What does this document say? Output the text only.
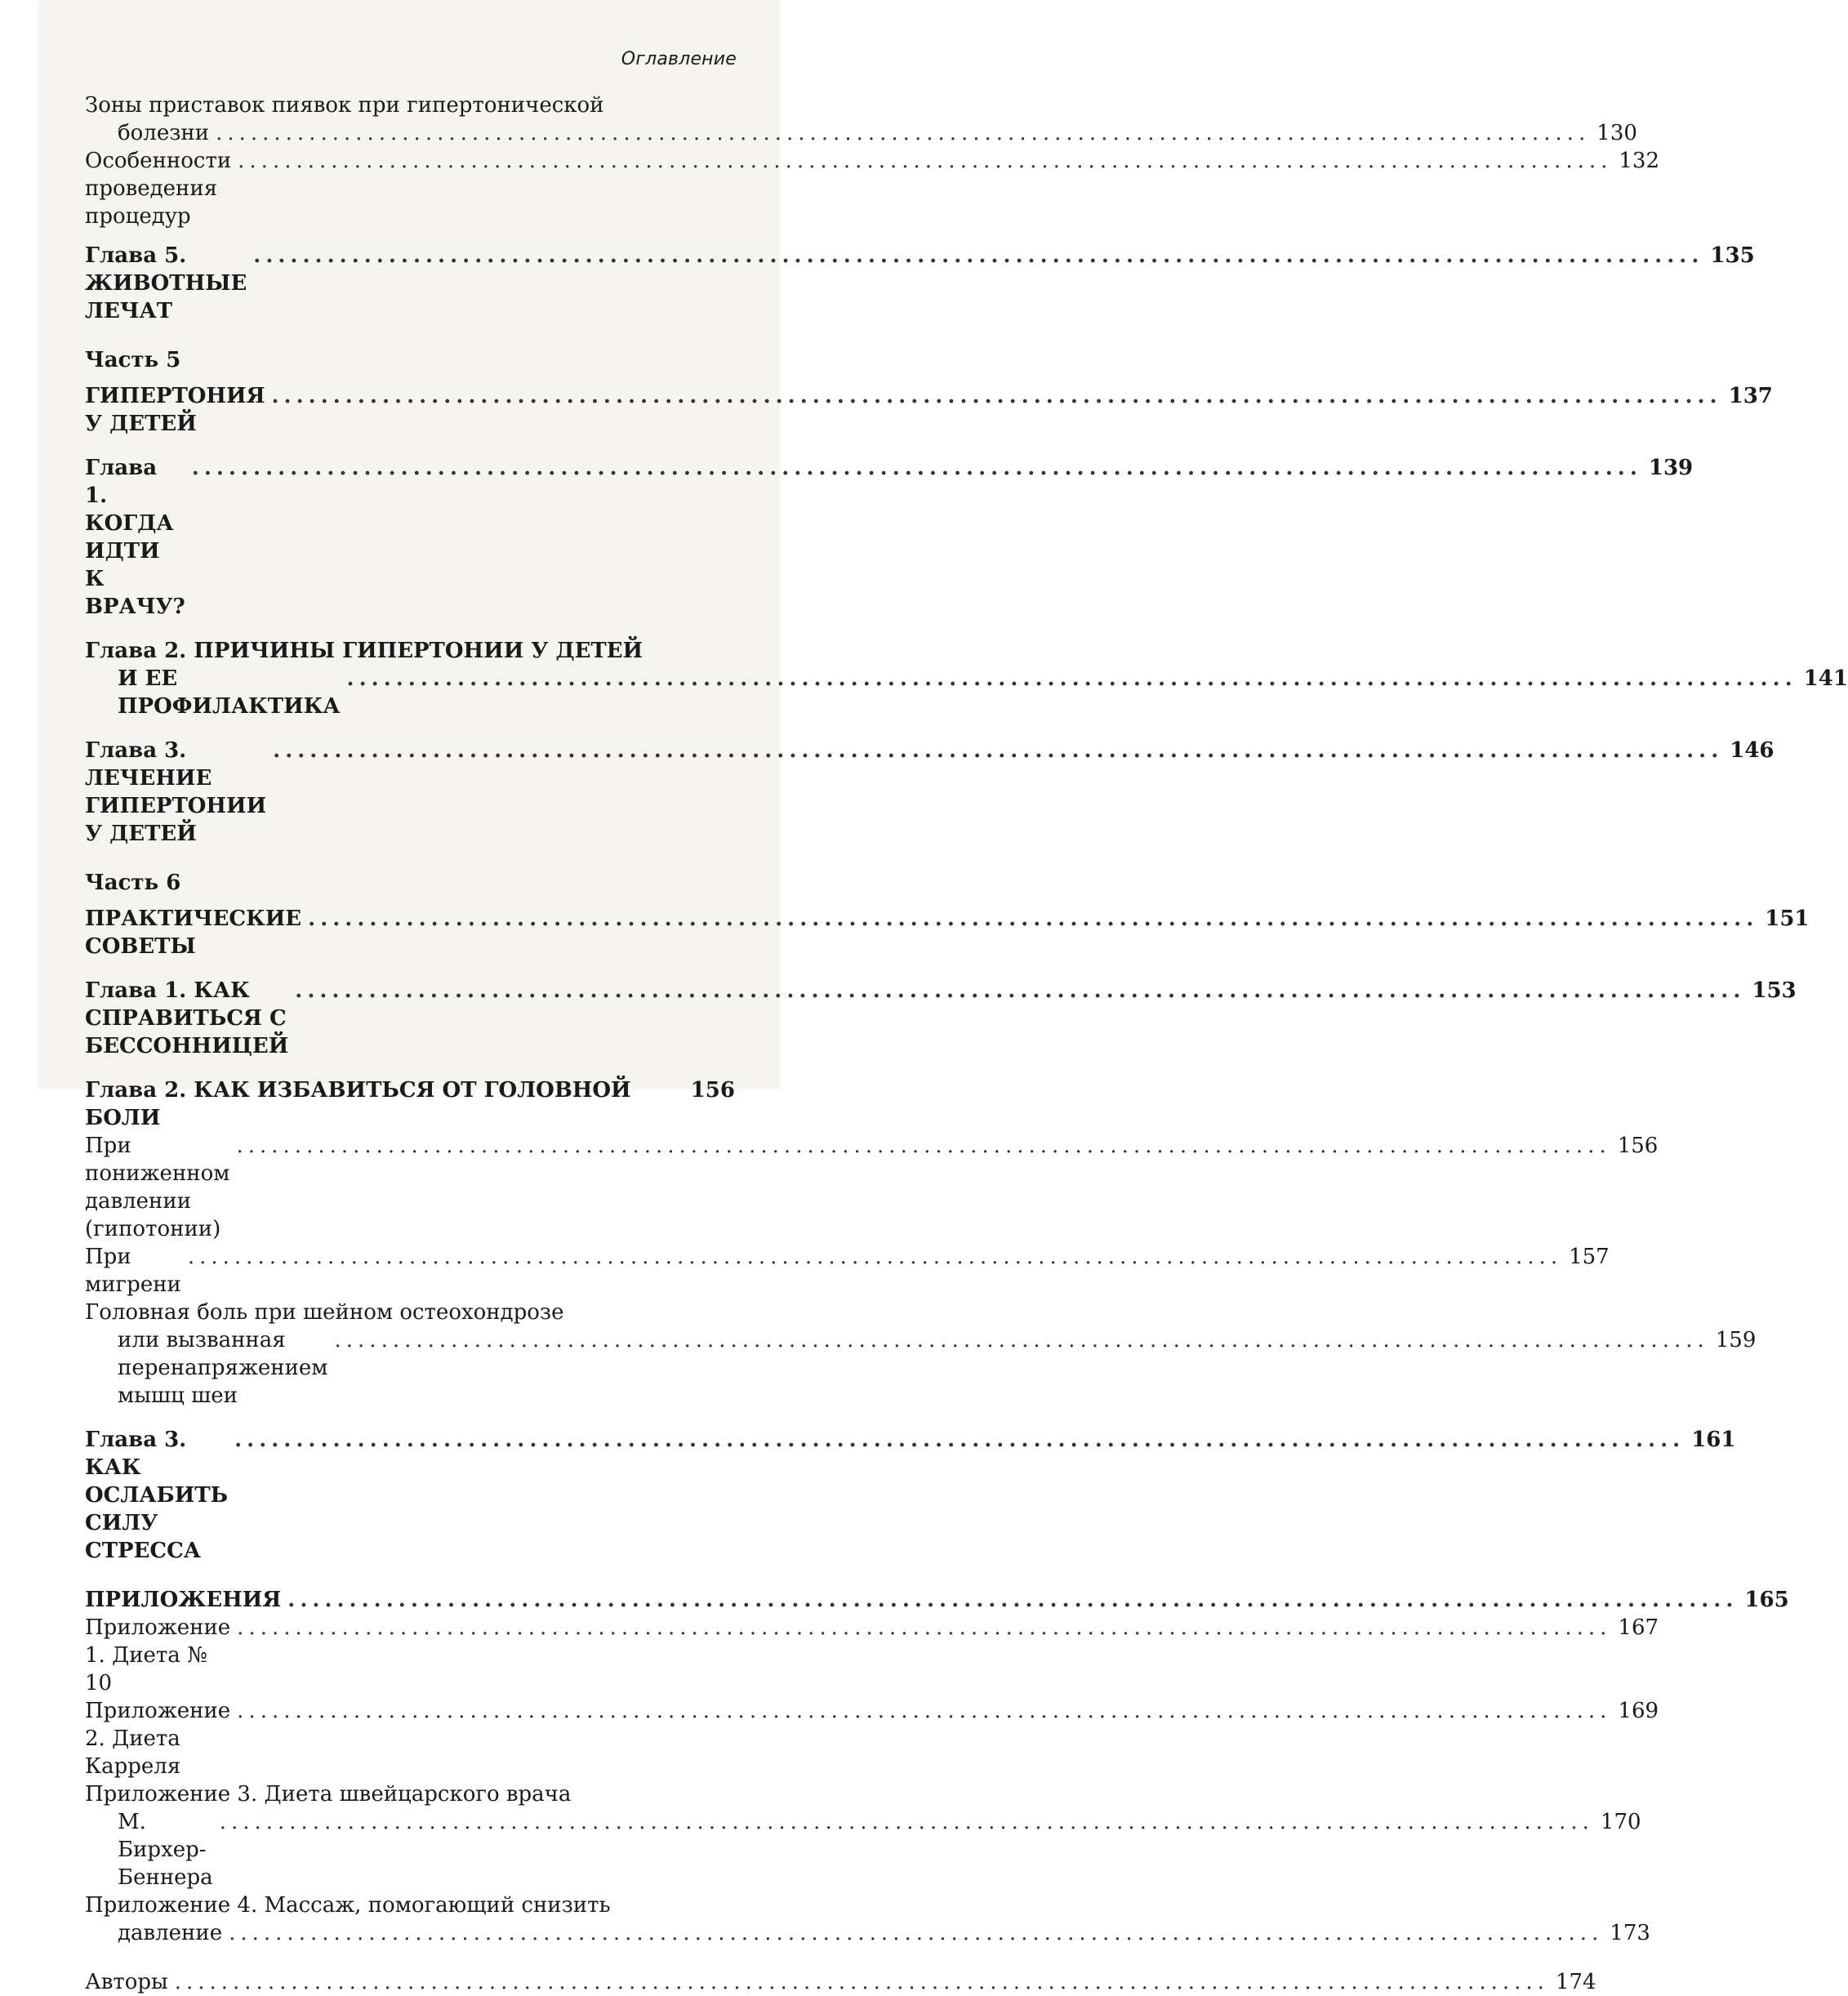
Оглавление
Зоны приставок пиявок при гипертонической
болезни ...................................................................................................................... 130
Особенности проведения процедур
...................................................................................................................... 132
Глава 5. ЖИВОТНЫЕ ЛЕЧАТ
...................................................................................................................... 135
Часть 5
ГИПЕРТОНИЯ У ДЕТЕЙ
...................................................................................................................... 137
Глава 1. КОГДА ИДТИ К ВРАЧУ?
...................................................................................................................... 139
Глава 2. ПРИЧИНЫ ГИПЕРТОНИИ У ДЕТЕЙ
И ЕЕ ПРОФИЛАКТИКА
...................................................................................................................... 141
Глава 3. ЛЕЧЕНИЕ ГИПЕРТОНИИ У ДЕТЕЙ
...................................................................................................................... 146
Часть 6
ПРАКТИЧЕСКИЕ СОВЕТЫ
...................................................................................................................... 151
Глава 1. КАК СПРАВИТЬСЯ С БЕССОННИЦЕЙ
...................................................................................................................... 153
Глава 2. КАК ИЗБАВИТЬСЯ ОТ ГОЛОВНОЙ БОЛИ
156
При пониженном давлении (гипотонии)
...................................................................................................................... 156
При мигрени
...................................................................................................................... 157
Головная боль при шейном остеохондрозе
или вызванная перенапряжением мышц шеи
...................................................................................................................... 159
Глава 3. КАК ОСЛАБИТЬ СИЛУ СТРЕССА
...................................................................................................................... 161
ПРИЛОЖЕНИЯ ...................................................................................................................... 165
Приложение 1. Диета № 10
...................................................................................................................... 167
Приложение 2. Диета Карреля
...................................................................................................................... 169
Приложение 3. Диета швейцарского врача
М. Бирхер-Беннера
...................................................................................................................... 170
Приложение 4. Массаж, помогающий снизить
давление ...................................................................................................................... 173
Авторы ...................................................................................................................... 174
